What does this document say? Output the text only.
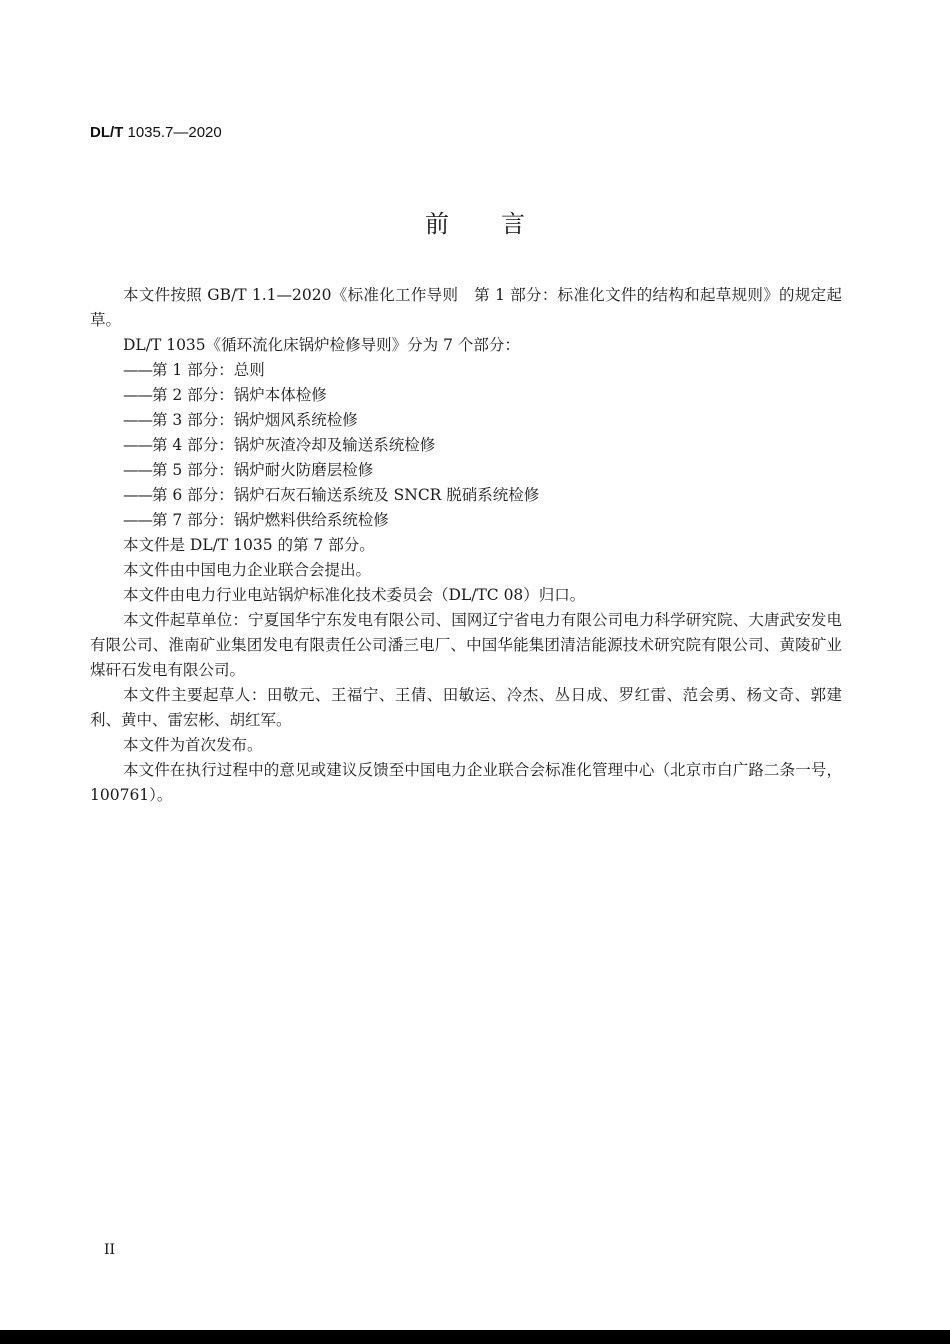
DL/T 1035.7—2020
前言

本文件按照 GB/T 1.1—2020《标准化工作导则　第 1 部分：标准化文件的结构和起草规则》的规定起草。

DL/T 1035《循环流化床锅炉检修导则》分为 7 个部分：

——第 1 部分：总则

——第 2 部分：锅炉本体检修

——第 3 部分：锅炉烟风系统检修

——第 4 部分：锅炉灰渣冷却及输送系统检修

——第 5 部分：锅炉耐火防磨层检修

——第 6 部分：锅炉石灰石输送系统及 SNCR 脱硝系统检修

——第 7 部分：锅炉燃料供给系统检修

本文件是 DL/T 1035 的第 7 部分。

本文件由中国电力企业联合会提出。

本文件由电力行业电站锅炉标准化技术委员会（DL/TC 08）归口。

本文件起草单位：宁夏国华宁东发电有限公司、国网辽宁省电力有限公司电力科学研究院、大唐武安发电有限公司、淮南矿业集团发电有限责任公司潘三电厂、中国华能集团清洁能源技术研究院有限公司、黄陵矿业煤矸石发电有限公司。

本文件主要起草人：田敬元、王福宁、王倩、田敏运、冷杰、丛日成、罗红雷、范会勇、杨文奇、郭建利、黄中、雷宏彬、胡红军。

本文件为首次发布。

本文件在执行过程中的意见或建议反馈至中国电力企业联合会标准化管理中心（北京市白广路二条一号，100761）。

II
